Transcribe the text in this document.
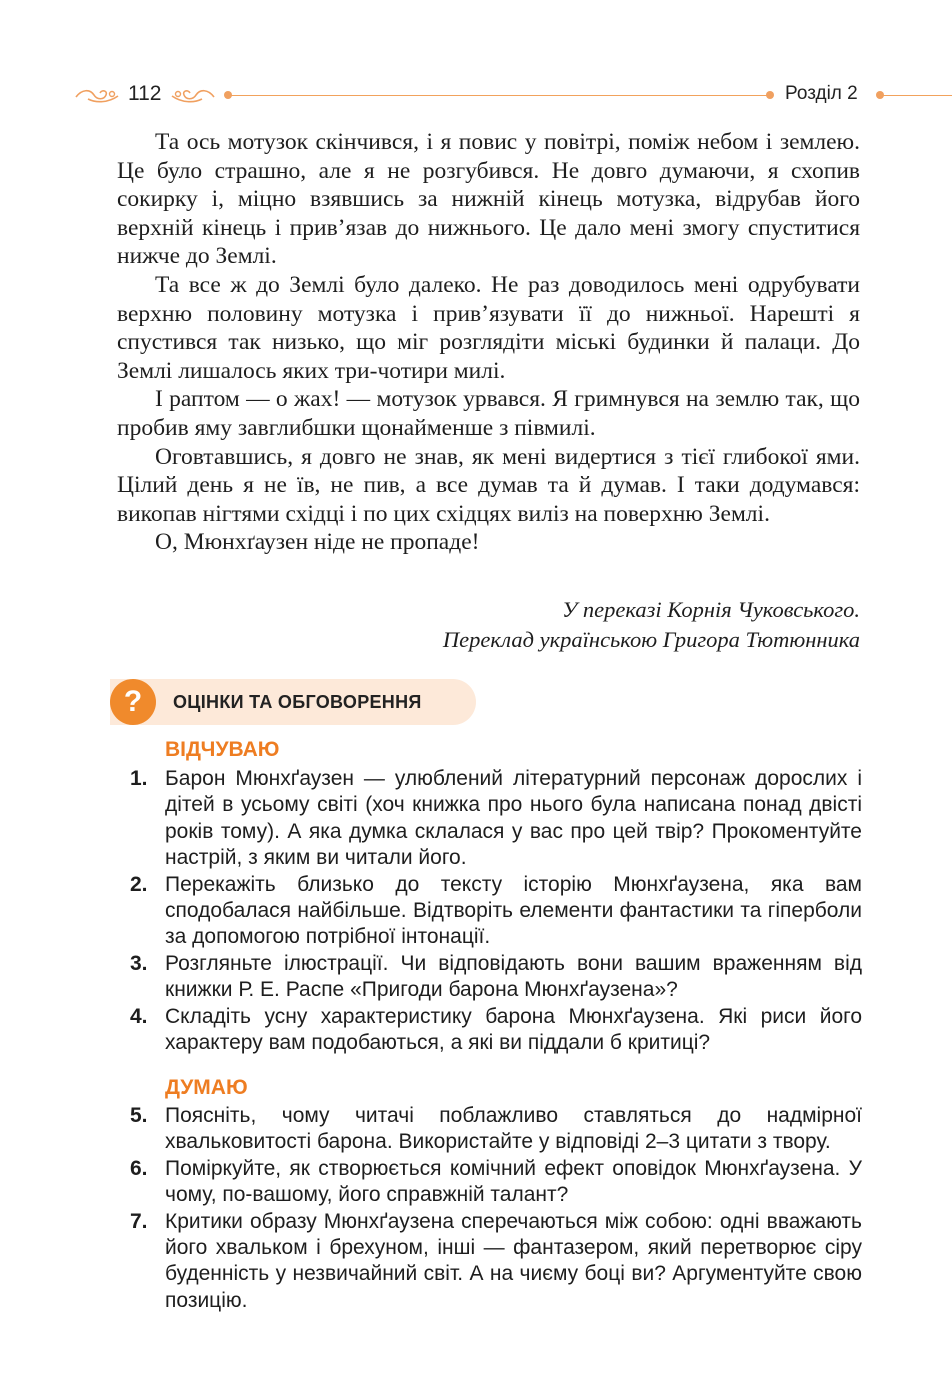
112	Розділ 2

Та ось мотузок скінчився, і я повис у повітрі, поміж небом і землею. Це було страшно, але я не розгубився. Не довго думаючи, я схопив сокирку і, міцно взявшись за нижній кінець мотузка, відрубав його верхній кінець і прив’язав до нижнього. Це дало мені змогу спуститися нижче до Землі.

Та все ж до Землі було далеко. Не раз доводилось мені одрубувати верхню половину мотузка і прив’язувати її до нижньої. Нарешті я спустився так низько, що міг розглядіти міські будинки й палаци. До Землі лишалось яких три-чотири милі.

І раптом — о жах! — мотузок урвався. Я гримнувся на землю так, що пробив яму завглибшки щонайменше з півмилі.

Оговтавшись, я довго не знав, як мені видертися з тієї глибокої ями. Цілий день я не їв, не пив, а все думав та й думав. І таки додумався: викопав нігтями східці і по цих східцях виліз на поверхню Землі.

О, Мюнхґаузен ніде не пропаде!

У переказі Корнія Чуковського.
Переклад українською Григора Тютюнника
?	ОЦІНКИ ТА ОБГОВОРЕННЯ
ВІДЧУВАЮ
1. Барон Мюнхґаузен — улюблений літературний персонаж дорослих і дітей в усьому світі (хоч книжка про нього була написана понад двісті років тому). А яка думка склалася у вас про цей твір? Прокоментуйте настрій, з яким ви читали його.
2. Перекажіть близько до тексту історію Мюнхґаузена, яка вам сподобалася найбільше. Відтворіть елементи фантастики та гіперболи за допомогою потрібної інтонації.
3. Розгляньте ілюстрації. Чи відповідають вони вашим враженням від книжки Р. Е. Распе «Пригоди барона Мюнхґаузена»?
4. Складіть усну характеристику барона Мюнхґаузена. Які риси його характеру вам подобаються, а які ви піддали б критиці?
ДУМАЮ
5. Поясніть, чому читачі поблажливо ставляться до надмірної хвальковитості барона. Використайте у відповіді 2–3 цитати з твору.
6. Поміркуйте, як створюється комічний ефект оповідок Мюнхґаузена. У чому, по-вашому, його справжній талант?
7. Критики образу Мюнхґаузена сперечаються між собою: одні вважають його хвальком і брехуном, інші — фантазером, який перетворює сіру буденність у незвичайний світ. А на чиєму боці ви? Аргументуйте свою позицію.
